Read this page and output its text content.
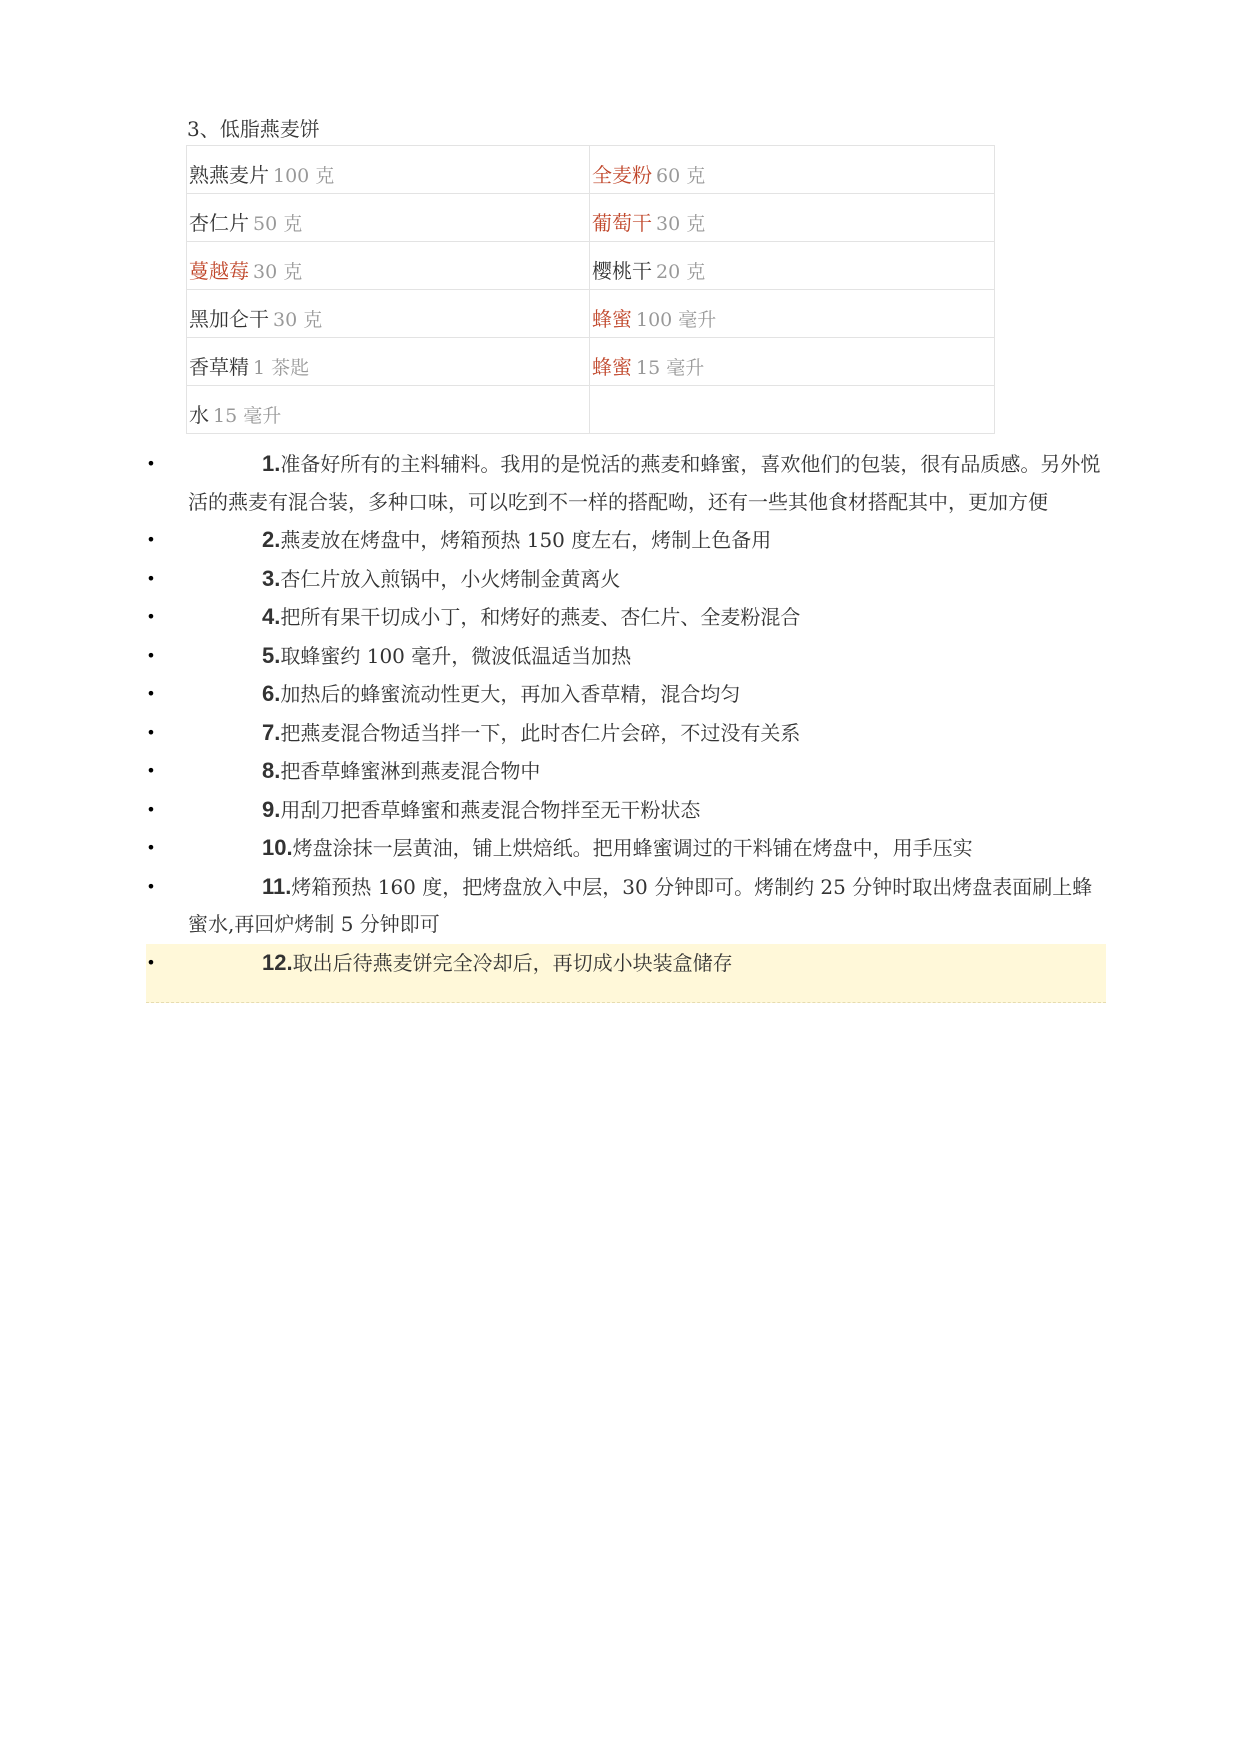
3、低脂燕麦饼
熟燕麦片 100 克	全麦粉 60 克
杏仁片 50 克	葡萄干 30 克
蔓越莓 30 克	樱桃干 20 克
黑加仑干 30 克	蜂蜜 100 毫升
香草精 1 茶匙	蜂蜜 15 毫升
水 15 毫升	
•	1.准备好所有的主料辅料。我用的是悦活的燕麦和蜂蜜，喜欢他们的包装，很有品质感。另外悦活的燕麦有混合装，多种口味，可以吃到不一样的搭配呦，还有一些其他食材搭配其中，更加方便
•	2.燕麦放在烤盘中，烤箱预热 150 度左右，烤制上色备用
•	3.杏仁片放入煎锅中，小火烤制金黄离火
•	4.把所有果干切成小丁，和烤好的燕麦、杏仁片、全麦粉混合
•	5.取蜂蜜约 100 毫升，微波低温适当加热
•	6.加热后的蜂蜜流动性更大，再加入香草精，混合均匀
•	7.把燕麦混合物适当拌一下，此时杏仁片会碎，不过没有关系
•	8.把香草蜂蜜淋到燕麦混合物中
•	9.用刮刀把香草蜂蜜和燕麦混合物拌至无干粉状态
•	10.烤盘涂抹一层黄油，铺上烘焙纸。把用蜂蜜调过的干料铺在烤盘中，用手压实
•	11.烤箱预热 160 度，把烤盘放入中层，30 分钟即可。烤制约 25 分钟时取出烤盘表面刷上蜂蜜水,再回炉烤制 5 分钟即可
•	12.取出后待燕麦饼完全冷却后，再切成小块装盒储存
